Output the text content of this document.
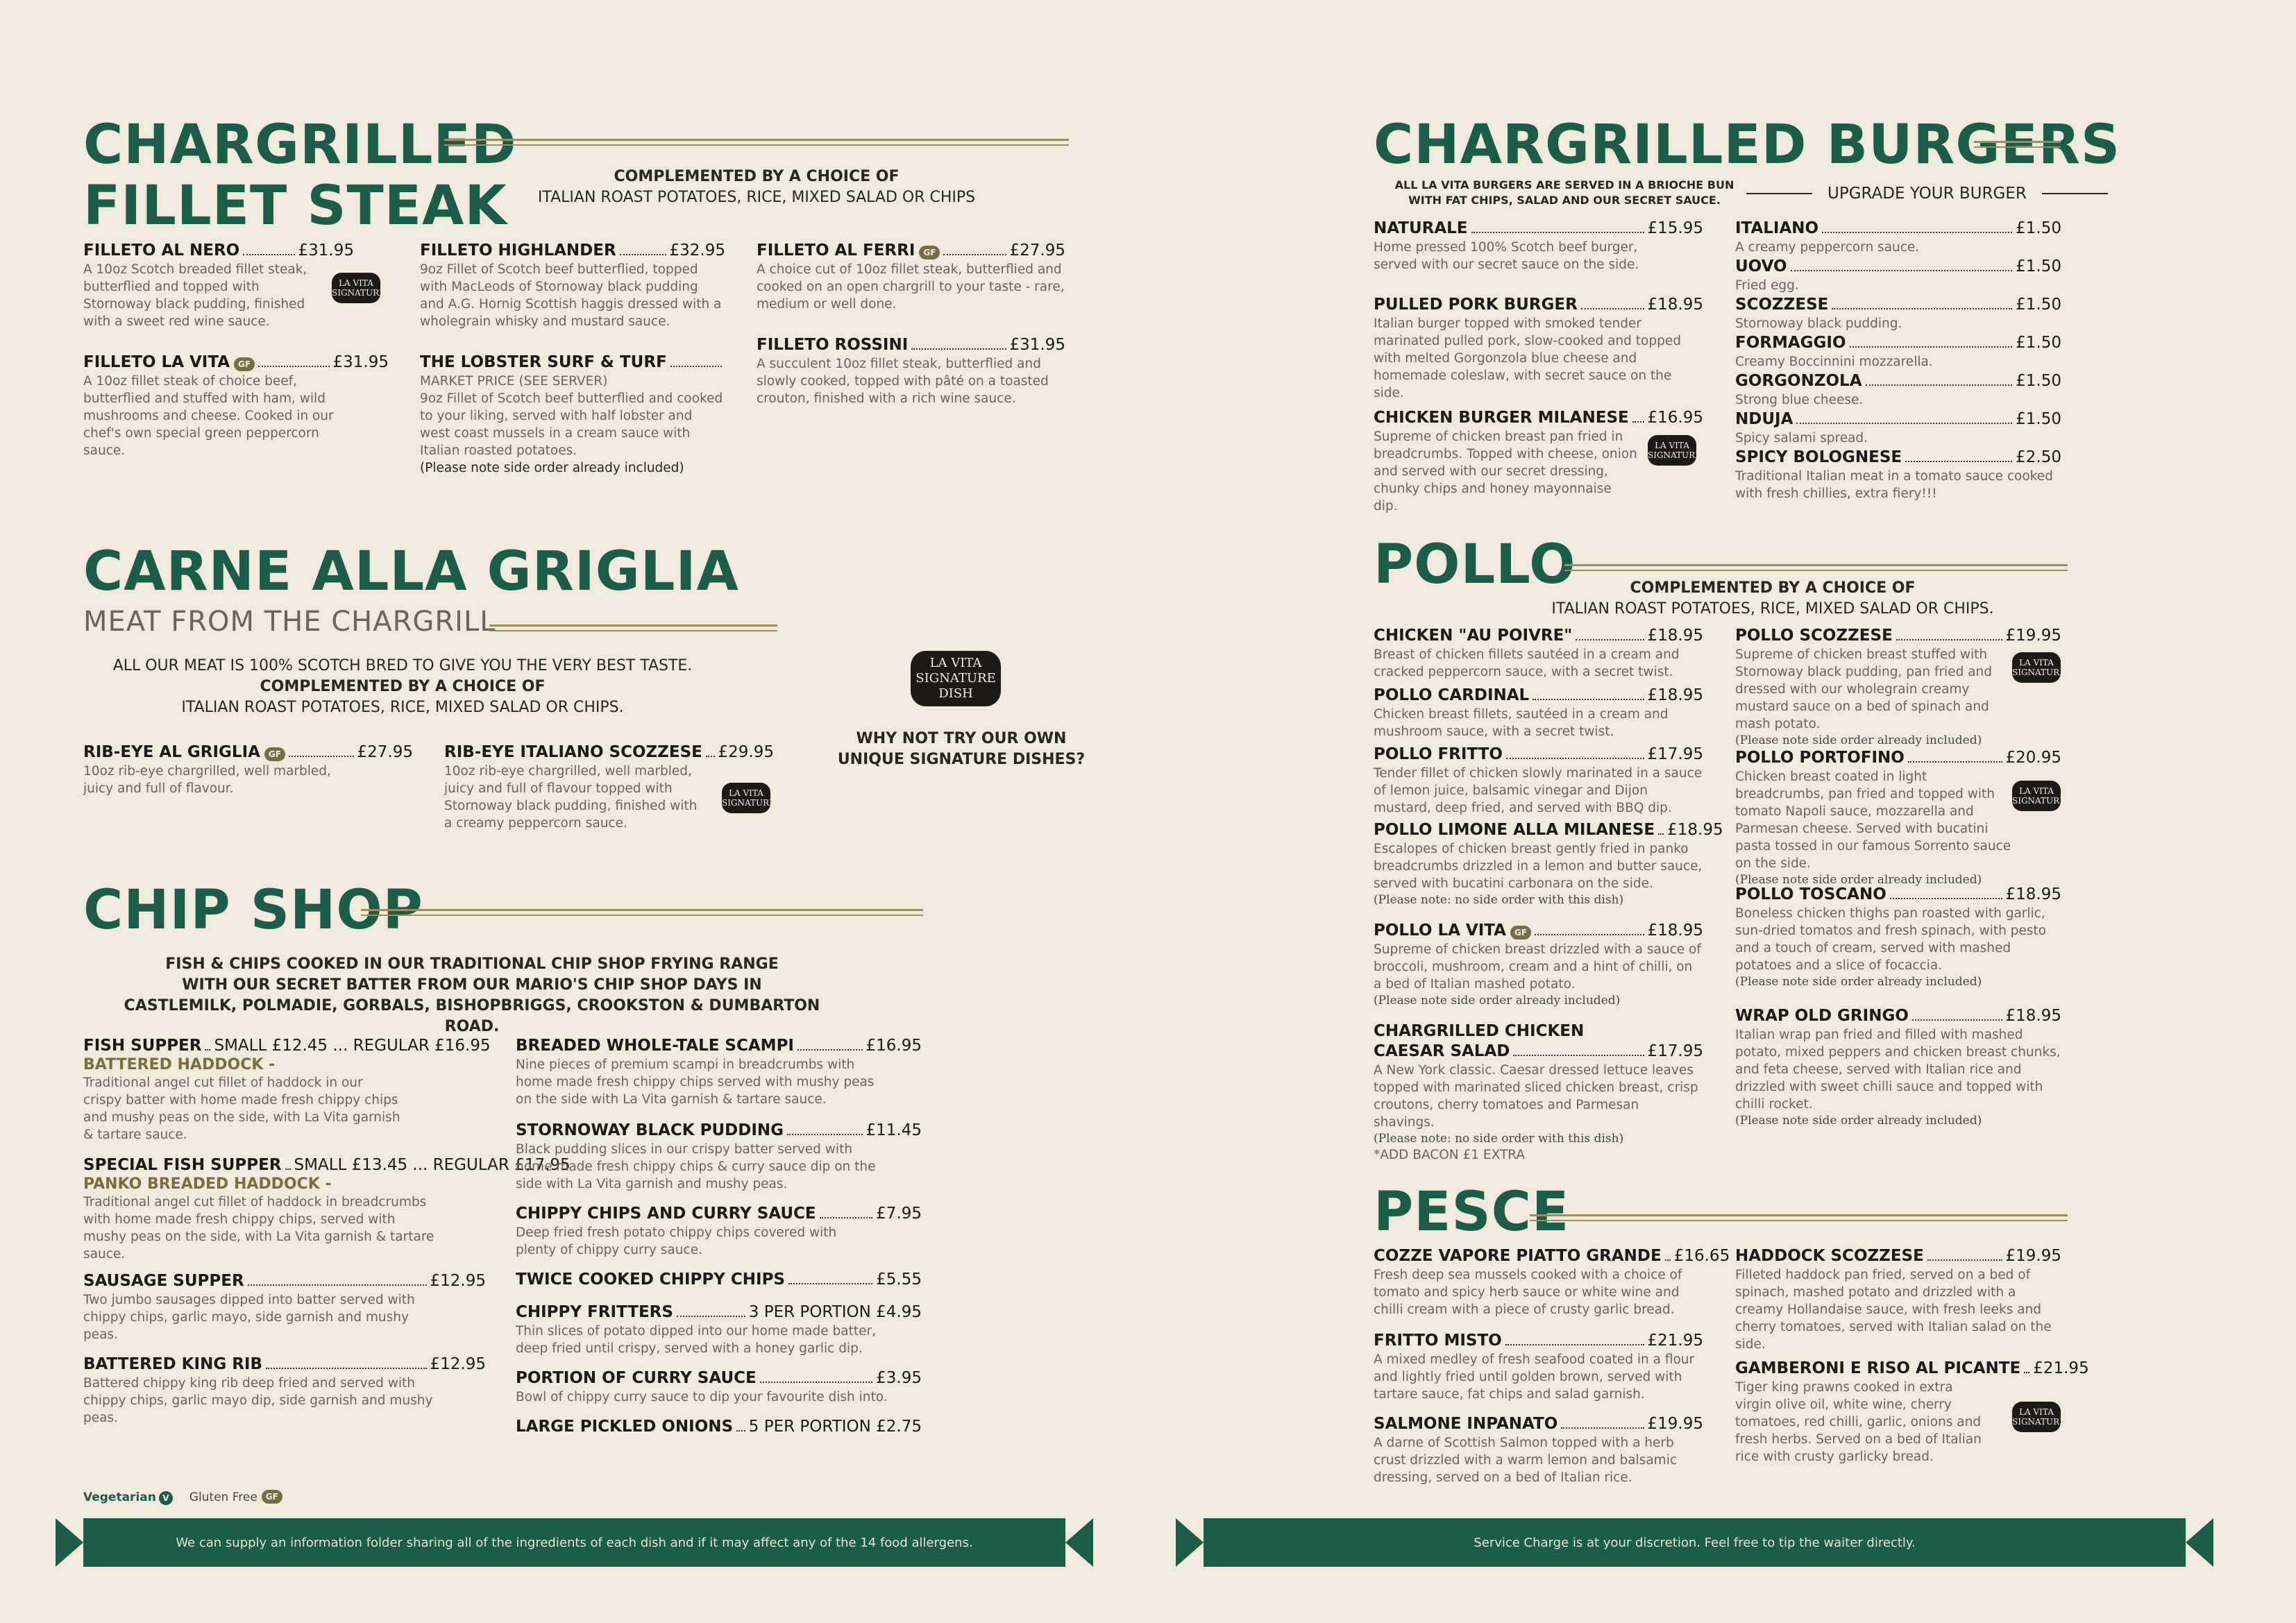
CHARGRILLED
FILLET STEAK	COMPLEMENTED BY A CHOICE OF
ITALIAN ROAST POTATOES, RICE, MIXED SALAD OR CHIPS
FILLETO AL NERO	£31.95
A 10oz Scotch breaded fillet steak, butterflied and topped with Stornoway black pudding, finished with a sweet red wine sauce.
LA VITA
SIGNATURE
FILLETO LA VITA GF	£31.95
A 10oz fillet steak of choice beef, butterflied and stuffed with ham, wild mushrooms and cheese. Cooked in our chef's own special green peppercorn sauce.
FILLETO HIGHLANDER	£32.95
9oz Fillet of Scotch beef butterflied, topped with MacLeods of Stornoway black pudding and A.G. Hornig Scottish haggis dressed with a wholegrain whisky and mustard sauce.
THE LOBSTER SURF & TURF
MARKET PRICE (SEE SERVER)
9oz Fillet of Scotch beef butterflied and cooked to your liking, served with half lobster and west coast mussels in a cream sauce with Italian roasted potatoes.
(Please note side order already included)
FILLETO AL FERRI GF	£27.95
A choice cut of 10oz fillet steak, butterflied and cooked on an open chargrill to your taste - rare, medium or well done.
FILLETO ROSSINI	£31.95
A succulent 10oz fillet steak, butterflied and slowly cooked, topped with pâté on a toasted crouton, finished with a rich wine sauce.
CARNE ALLA GRIGLIA
MEAT FROM THE CHARGRILL
ALL OUR MEAT IS 100% SCOTCH BRED TO GIVE YOU THE VERY BEST TASTE.
COMPLEMENTED BY A CHOICE OF
ITALIAN ROAST POTATOES, RICE, MIXED SALAD OR CHIPS.
LA VITA
SIGNATURE
DISH
WHY NOT TRY OUR OWN
UNIQUE SIGNATURE DISHES?
RIB-EYE AL GRIGLIA GF	£27.95
10oz rib-eye chargrilled, well marbled, juicy and full of flavour.
RIB-EYE ITALIANO SCOZZESE £29.95
10oz rib-eye chargrilled, well marbled, juicy and full of flavour topped with Stornoway black pudding, finished with a creamy peppercorn sauce.
LA VITA
SIGNATURE
CHIP SHOP
FISH & CHIPS COOKED IN OUR TRADITIONAL CHIP SHOP FRYING RANGE
WITH OUR SECRET BATTER FROM OUR MARIO'S CHIP SHOP DAYS IN
CASTLEMILK, POLMADIE, GORBALS, BISHOPBRIGGS, CROOKSTON & DUMBARTON ROAD.
FISH SUPPER SMALL £12.45 ... REGULAR £16.95
BATTERED HADDOCK -
Traditional angel cut fillet of haddock in our crispy batter with home made fresh chippy chips and mushy peas on the side, with La Vita garnish & tartare sauce.
SPECIAL FISH SUPPER SMALL £13.45 ... REGULAR £17.95
PANKO BREADED HADDOCK -
Traditional angel cut fillet of haddock in breadcrumbs with home made fresh chippy chips, served with mushy peas on the side, with La Vita garnish & tartare sauce.
SAUSAGE SUPPER	£12.95
Two jumbo sausages dipped into batter served with chippy chips, garlic mayo, side garnish and mushy peas.
BATTERED KING RIB	£12.95
Battered chippy king rib deep fried and served with chippy chips, garlic mayo dip, side garnish and mushy peas.
BREADED WHOLE-TALE SCAMPI	£16.95
Nine pieces of premium scampi in breadcrumbs with home made fresh chippy chips served with mushy peas on the side with La Vita garnish & tartare sauce.
STORNOWAY BLACK PUDDING	£11.45
Black pudding slices in our crispy batter served with home made fresh chippy chips & curry sauce dip on the side with La Vita garnish and mushy peas.
CHIPPY CHIPS AND CURRY SAUCE	£7.95
Deep fried fresh potato chippy chips covered with plenty of chippy curry sauce.
TWICE COOKED CHIPPY CHIPS	£5.55
CHIPPY FRITTERS	3 PER PORTION £4.95
Thin slices of potato dipped into our home made batter, deep fried until crispy, served with a honey garlic dip.
PORTION OF CURRY SAUCE	£3.95
Bowl of chippy curry sauce to dip your favourite dish into.
LARGE PICKLED ONIONS 5 PER PORTION £2.75
Vegetarian V Gluten Free GF
We can supply an information folder sharing all of the ingredients of each dish and if it may affect any of the 14 food allergens.
CHARGRILLED BURGERS
ALL LA VITA BURGERS ARE SERVED IN A BRIOCHE BUN
WITH FAT CHIPS, SALAD AND OUR SECRET SAUCE.	UPGRADE YOUR BURGER
NATURALE	£15.95
Home pressed 100% Scotch beef burger, served with our secret sauce on the side.
PULLED PORK BURGER	£18.95
Italian burger topped with smoked tender marinated pulled pork, slow-cooked and topped with melted Gorgonzola blue cheese and homemade coleslaw, with secret sauce on the side.
CHICKEN BURGER MILANESE £16.95
Supreme of chicken breast pan fried in breadcrumbs. Topped with cheese, onion and served with our secret dressing, chunky chips and honey mayonnaise dip.
LA VITA
SIGNATURE
ITALIANO	£1.50
A creamy peppercorn sauce.
UOVO	£1.50
Fried egg.
SCOZZESE	£1.50
Stornoway black pudding.
FORMAGGIO	£1.50
Creamy Boccinnini mozzarella.
GORGONZOLA	£1.50
Strong blue cheese.
NDUJA	£1.50
Spicy salami spread.
SPICY BOLOGNESE	£2.50
Traditional Italian meat in a tomato sauce cooked with fresh chillies, extra fiery!!!
POLLO	COMPLEMENTED BY A CHOICE OF
ITALIAN ROAST POTATOES, RICE, MIXED SALAD OR CHIPS.
CHICKEN "AU POIVRE"	£18.95
Breast of chicken fillets sautéed in a cream and cracked peppercorn sauce, with a secret twist.
POLLO CARDINAL	£18.95
Chicken breast fillets, sautéed in a cream and mushroom sauce, with a secret twist.
POLLO FRITTO	£17.95
Tender fillet of chicken slowly marinated in a sauce of lemon juice, balsamic vinegar and Dijon mustard, deep fried, and served with BBQ dip.
POLLO LIMONE ALLA MILANESE £18.95
Escalopes of chicken breast gently fried in panko breadcrumbs drizzled in a lemon and butter sauce, served with bucatini carbonara on the side.
(Please note: no side order with this dish)
POLLO LA VITA GF	£18.95
Supreme of chicken breast drizzled with a sauce of broccoli, mushroom, cream and a hint of chilli, on a bed of Italian mashed potato.
(Please note side order already included)
CHARGRILLED CHICKEN
CAESAR SALAD	£17.95
A New York classic. Caesar dressed lettuce leaves topped with marinated sliced chicken breast, crisp croutons, cherry tomatoes and Parmesan shavings.
(Please note: no side order with this dish)
*ADD BACON £1 EXTRA
POLLO SCOZZESE	£19.95
Supreme of chicken breast stuffed with Stornoway black pudding, pan fried and dressed with our wholegrain creamy mustard sauce on a bed of spinach and mash potato.
(Please note side order already included)
LA VITA
SIGNATURE
POLLO PORTOFINO	£20.95
Chicken breast coated in light breadcrumbs, pan fried and topped with tomato Napoli sauce, mozzarella and Parmesan cheese. Served with bucatini pasta tossed in our famous Sorrento sauce on the side.
(Please note side order already included)
LA VITA
SIGNATURE
POLLO TOSCANO	£18.95
Boneless chicken thighs pan roasted with garlic, sun-dried tomatos and fresh spinach, with pesto and a touch of cream, served with mashed potatoes and a slice of focaccia.
(Please note side order already included)
WRAP OLD GRINGO	£18.95
Italian wrap pan fried and filled with mashed potato, mixed peppers and chicken breast chunks, and feta cheese, served with Italian rice and drizzled with sweet chilli sauce and topped with chilli rocket.
(Please note side order already included)
PESCE
COZZE VAPORE PIATTO GRANDE £16.65
Fresh deep sea mussels cooked with a choice of tomato and spicy herb sauce or white wine and chilli cream with a piece of crusty garlic bread.
FRITTO MISTO	£21.95
A mixed medley of fresh seafood coated in a flour and lightly fried until golden brown, served with tartare sauce, fat chips and salad garnish.
SALMONE INPANATO	£19.95
A darne of Scottish Salmon topped with a herb crust drizzled with a warm lemon and balsamic dressing, served on a bed of Italian rice.
HADDOCK SCOZZESE	£19.95
Filleted haddock pan fried, served on a bed of spinach, mashed potato and drizzled with a creamy Hollandaise sauce, with fresh leeks and cherry tomatoes, served with Italian salad on the side.
GAMBERONI E RISO AL PICANTE £21.95
Tiger king prawns cooked in extra virgin olive oil, white wine, cherry tomatoes, red chilli, garlic, onions and fresh herbs. Served on a bed of Italian rice with crusty garlicky bread.
LA VITA
SIGNATURE
Service Charge is at your discretion. Feel free to tip the waiter directly.
